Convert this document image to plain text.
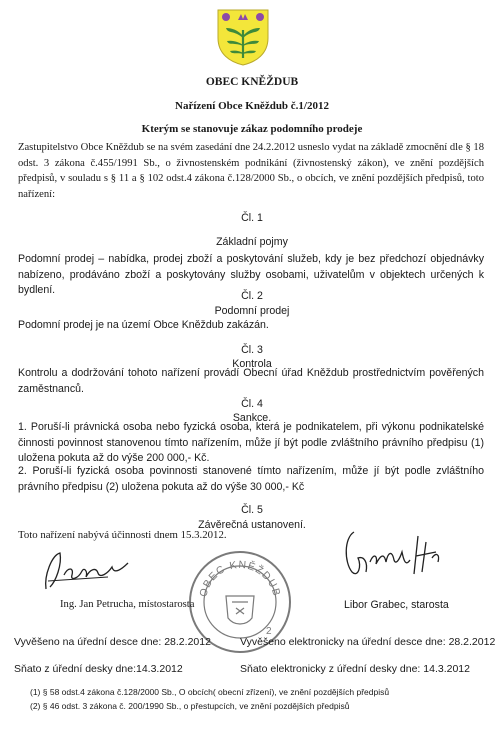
OBEC KNĚŽDUB
Nařízení Obce Kněždub č.1/2012
Kterým se stanovuje zákaz podomního prodeje
Zastupitelstvo Obce Kněždub se na svém zasedání dne 24.2.2012 usneslo vydat na základě zmocnění dle § 18 odst. 3 zákona č.455/1991 Sb., o živnostenském podnikání (živnostenský zákon), ve znění pozdějších předpisů, v souladu s § 11 a § 102 odst.4 zákona č.128/2000 Sb., o obcích, ve znění pozdějších předpisů, toto nařízení:
Čl. 1
Základní pojmy
Podomní prodej – nabídka, prodej zboží a poskytování služeb, kdy je bez předchozí objednávky nabízeno, prodáváno zboží a poskytovány služby osobami, uživatelům v objektech určených k bydlení.	Čl. 2
Podomní prodej
Podomní prodej je na území Obce Kněždub zakázán.
Čl. 3
Kontrola
Kontrolu a dodržování tohoto nařízení provádí Obecní úřad Kněždub prostřednictvím pověřených zaměstnanců.
Čl. 4
Sankce.
1. Poruší-li právnická osoba nebo fyzická osoba, která je podnikatelem, při výkonu podnikatelské činnosti povinnost stanovenou tímto nařízením, může jí být podle zvláštního právního předpisu (1) uložena pokuta až do výše 200 000,- Kč.
2. Poruší-li fyzická osoba povinnosti stanovené tímto nařízením, může jí být podle zvláštního právního předpisu (2) uložena pokuta až do výše 30 000,- Kč
Čl. 5
Závěrečná ustanovení.
Toto nařízení nabývá účinnosti dnem 15.3.2012.
OBEC KNĚŽDUB
2
Ing. Jan Petrucha, místostarosta	Libor Grabec, starosta
Vyvěšeno na úřední desce dne: 28.2.2012	Vyvěšeno elektronicky na úřední desce dne: 28.2.2012
Sňato z úřední desky dne:14.3.2012	Sňato elektronicky z úřední desky dne: 14.3.2012
(1) § 58 odst.4 zákona č.128/2000 Sb., O obcích( obecní zřízení), ve znění pozdějších předpisů
(2) § 46 odst. 3 zákona č. 200/1990 Sb., o přestupcích, ve znění pozdějších předpisů
